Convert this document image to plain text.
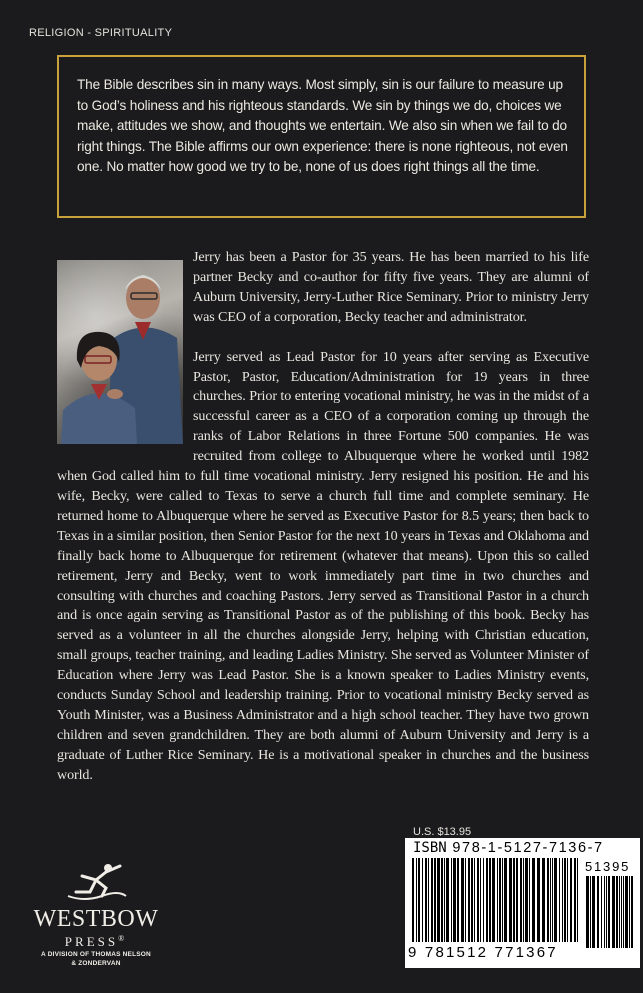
RELIGION - SPIRITUALITY

The Bible describes sin in many ways. Most simply, sin is our failure to measure up to God’s holiness and his righteous standards. We sin by things we do, choices we make, attitudes we show, and thoughts we entertain. We also sin when we fail to do right things. The Bible affirms our own experience: there is none righteous, not even one. No matter how good we try to be, none of us does right things all the time.

Jerry has been a Pastor for 35 years. He has been married to his life partner Becky and co-author for fifty five years. They are alumni of Auburn University, Jerry-Luther Rice Seminary. Prior to ministry Jerry was CEO of a corporation, Becky teacher and administrator.

Jerry served as Lead Pastor for 10 years after serving as Executive Pastor, Pastor, Education/Administration for 19 years in three churches. Prior to entering vocational ministry, he was in the midst of a successful career as a CEO of a corporation coming up through the ranks of Labor Relations in three Fortune 500 companies. He was recruited from college to Albuquerque where he worked until 1982 when God called him to full time vocational ministry. Jerry resigned his position. He and his wife, Becky, were called to Texas to serve a church full time and complete seminary. He returned home to Albuquerque where he served as Executive Pastor for 8.5 years; then back to Texas in a similar position, then Senior Pastor for the next 10 years in Texas and Oklahoma and finally back home to Albuquerque for retirement (whatever that means). Upon this so called retirement, Jerry and Becky, went to work immediately part time in two churches and consulting with churches and coaching Pastors. Jerry served as Transitional Pastor in a church and is once again serving as Transitional Pastor as of the publishing of this book. Becky has served as a volunteer in all the churches alongside Jerry, helping with Christian education, small groups, teacher training, and leading Ladies Ministry. She served as Volunteer Minister of Education where Jerry was Lead Pastor. She is a known speaker to Ladies Ministry events, conducts Sunday School and leadership training. Prior to vocational ministry Becky served as Youth Minister, was a Business Administrator and a high school teacher. They have two grown children and seven grandchildren. They are both alumni of Auburn University and Jerry is a graduate of Luther Rice Seminary. He is a motivational speaker in churches and the business world.

U.S. $13.95
ISBN 978-1-5127-7136-7
51395
9 781512 771367
WESTBOW
PRESS®
A DIVISION OF THOMAS NELSON
& ZONDERVAN
